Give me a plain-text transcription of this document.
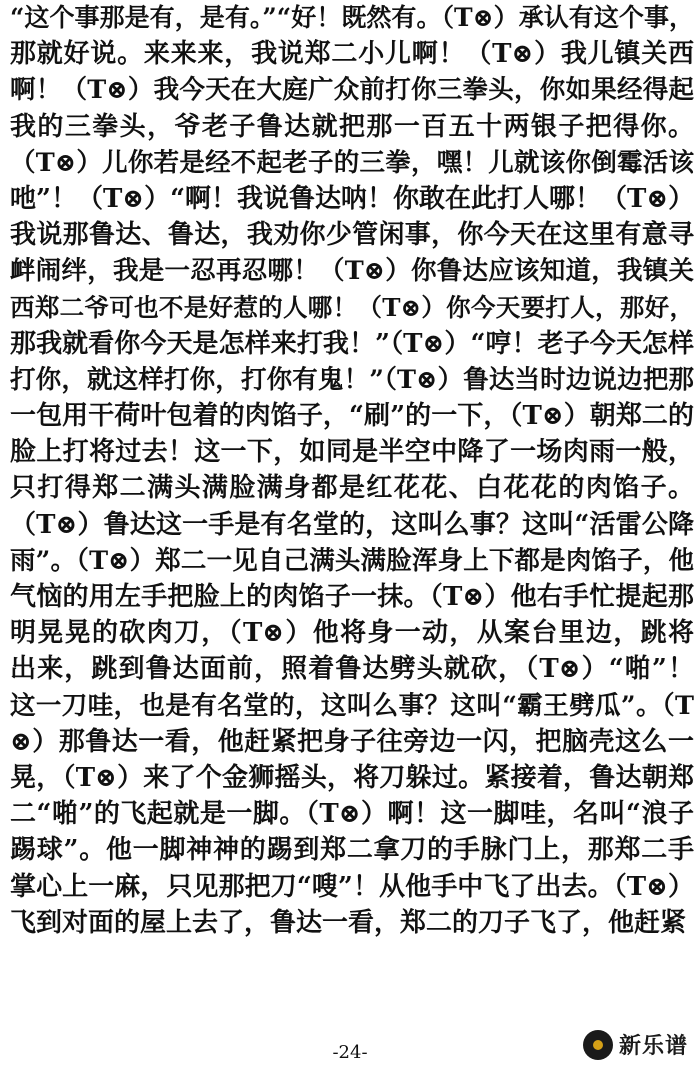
“这个事那是有，是有。”“好！既然有。（T⊗）承认有这个事，
那就好说。来来来，我说郑二小儿啊！（T⊗）我儿镇关西
啊！（T⊗）我今天在大庭广众前打你三拳头，你如果经得起
我的三拳头，爷老子鲁达就把那一百五十两银子把得你。
（T⊗）儿你若是经不起老子的三拳，嘿！儿就该你倒霉活该
吔”！（T⊗）“啊！我说鲁达呐！你敢在此打人哪！（T⊗）
我说那鲁达、鲁达，我劝你少管闲事，你今天在这里有意寻
衅闹绊，我是一忍再忍哪！（T⊗）你鲁达应该知道，我镇关
西郑二爷可也不是好惹的人哪！（T⊗）你今天要打人，那好，
那我就看你今天是怎样来打我！”（T⊗）“哼！老子今天怎样
打你，就这样打你，打你有鬼！”（T⊗）鲁达当时边说边把那
一包用干荷叶包着的肉馅子，“刷”的一下，（T⊗）朝郑二的
脸上打将过去！这一下，如同是半空中降了一场肉雨一般，
只打得郑二满头满脸满身都是红花花、白花花的肉馅子。
（T⊗）鲁达这一手是有名堂的，这叫么事？这叫“活雷公降
雨”。（T⊗）郑二一见自己满头满脸浑身上下都是肉馅子，他
气恼的用左手把脸上的肉馅子一抹。（T⊗）他右手忙提起那
明晃晃的砍肉刀，（T⊗）他将身一动，从案台里边，跳将
出来，跳到鲁达面前，照着鲁达劈头就砍，（T⊗）“啪”！
这一刀哇，也是有名堂的，这叫么事？这叫“霸王劈瓜”。（T
⊗）那鲁达一看，他赶紧把身子往旁边一闪，把脑壳这么一
晃，（T⊗）来了个金狮摇头，将刀躲过。紧接着，鲁达朝郑
二“啪”的飞起就是一脚。（T⊗）啊！这一脚哇，名叫“浪子
踢球”。他一脚神神的踢到郑二拿刀的手脉门上，那郑二手
掌心上一麻，只见那把刀“嗖”！从他手中飞了出去。（T⊗）
飞到对面的屋上去了，鲁达一看，郑二的刀子飞了，他赶紧
-24-	新乐谱
